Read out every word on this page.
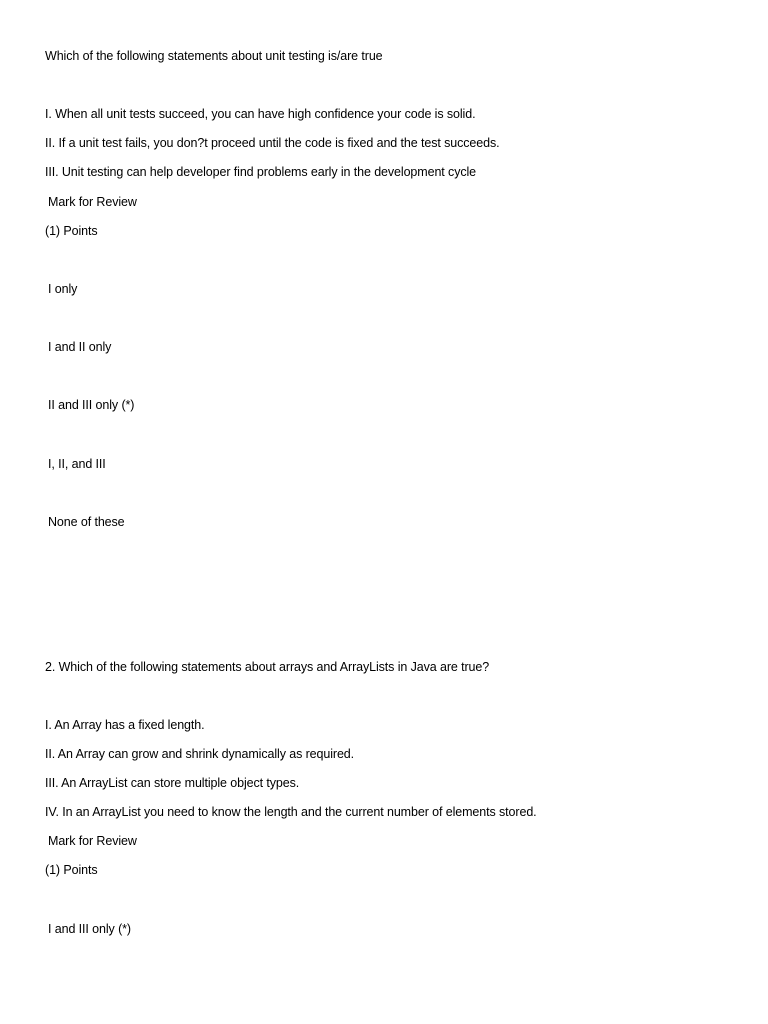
Which of the following statements about unit testing is/are true
I. When all unit tests succeed, you can have high confidence your code is solid.
II. If a unit test fails, you don?t proceed until the code is fixed and the test succeeds.
III. Unit testing can help developer find problems early in the development cycle
Mark for Review
(1) Points
I only
I and II only
II and III only (*)
I, II, and III
None of these
2. Which of the following statements about arrays and ArrayLists in Java are true?
I. An Array has a fixed length.
II. An Array can grow and shrink dynamically as required.
III. An ArrayList can store multiple object types.
IV. In an ArrayList you need to know the length and the current number of elements stored.
Mark for Review
(1) Points
I and III only (*)
